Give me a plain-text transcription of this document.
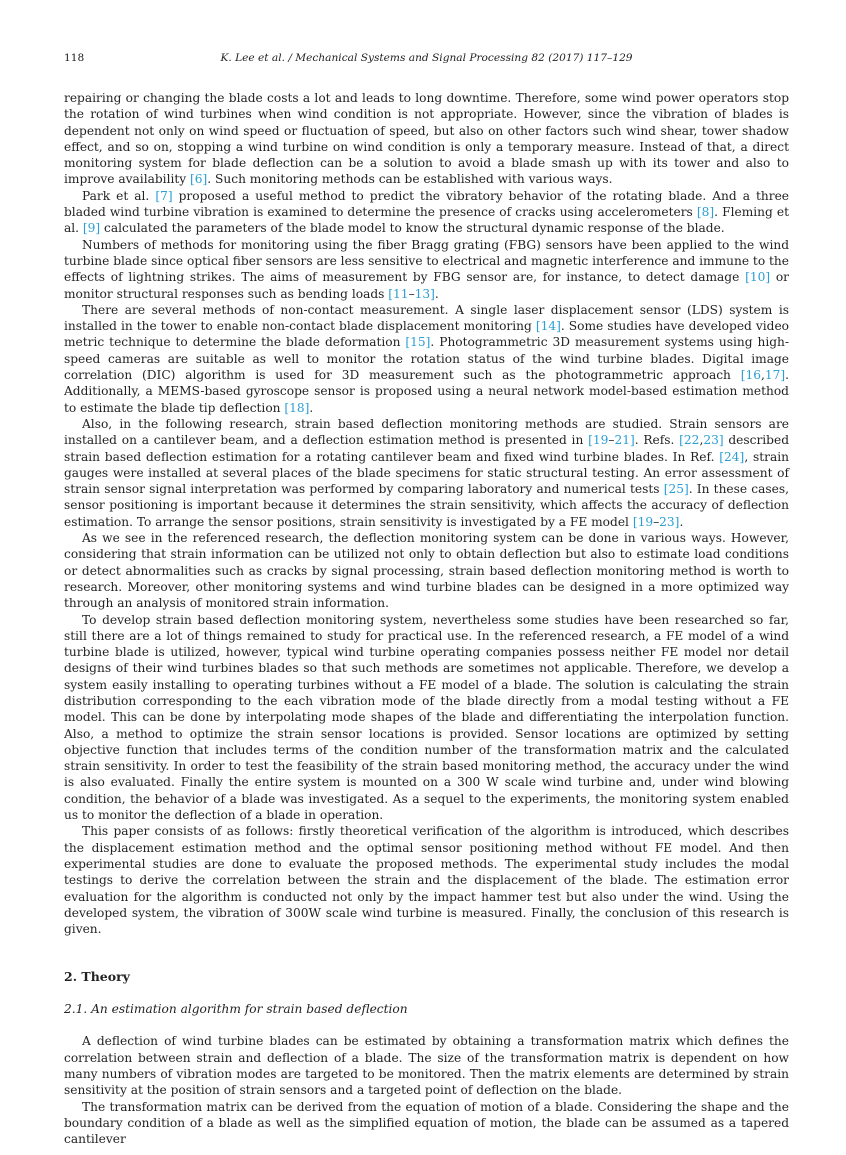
118	K. Lee et al. / Mechanical Systems and Signal Processing 82 (2017) 117–129

repairing or changing the blade costs a lot and leads to long downtime. Therefore, some wind power operators stop the rotation of wind turbines when wind condition is not appropriate. However, since the vibration of blades is dependent not only on wind speed or fluctuation of speed, but also on other factors such wind shear, tower shadow effect, and so on, stopping a wind turbine on wind condition is only a temporary measure. Instead of that, a direct monitoring system for blade deflection can be a solution to avoid a blade smash up with its tower and also to improve availability [6]. Such monitoring methods can be established with various ways.

Park et al. [7] proposed a useful method to predict the vibratory behavior of the rotating blade. And a three bladed wind turbine vibration is examined to determine the presence of cracks using accelerometers [8]. Fleming et al. [9] calculated the parameters of the blade model to know the structural dynamic response of the blade.

Numbers of methods for monitoring using the fiber Bragg grating (FBG) sensors have been applied to the wind turbine blade since optical fiber sensors are less sensitive to electrical and magnetic interference and immune to the effects of lightning strikes. The aims of measurement by FBG sensor are, for instance, to detect damage [10] or monitor structural responses such as bending loads [11–13].

There are several methods of non-contact measurement. A single laser displacement sensor (LDS) system is installed in the tower to enable non-contact blade displacement monitoring [14]. Some studies have developed video metric technique to determine the blade deformation [15]. Photogrammetric 3D measurement systems using high-speed cameras are suitable as well to monitor the rotation status of the wind turbine blades. Digital image correlation (DIC) algorithm is used for 3D measurement such as the photogrammetric approach [16,17]. Additionally, a MEMS-based gyroscope sensor is proposed using a neural network model-based estimation method to estimate the blade tip deflection [18].

Also, in the following research, strain based deflection monitoring methods are studied. Strain sensors are installed on a cantilever beam, and a deflection estimation method is presented in [19–21]. Refs. [22,23] described strain based deflection estimation for a rotating cantilever beam and fixed wind turbine blades. In Ref. [24], strain gauges were installed at several places of the blade specimens for static structural testing. An error assessment of strain sensor signal interpretation was performed by comparing laboratory and numerical tests [25]. In these cases, sensor positioning is important because it determines the strain sensitivity, which affects the accuracy of deflection estimation. To arrange the sensor positions, strain sensitivity is investigated by a FE model [19–23].

As we see in the referenced research, the deflection monitoring system can be done in various ways. However, considering that strain information can be utilized not only to obtain deflection but also to estimate load conditions or detect abnormalities such as cracks by signal processing, strain based deflection monitoring method is worth to research. Moreover, other monitoring systems and wind turbine blades can be designed in a more optimized way through an analysis of monitored strain information.

To develop strain based deflection monitoring system, nevertheless some studies have been researched so far, still there are a lot of things remained to study for practical use. In the referenced research, a FE model of a wind turbine blade is utilized, however, typical wind turbine operating companies possess neither FE model nor detail designs of their wind turbines blades so that such methods are sometimes not applicable. Therefore, we develop a system easily installing to operating turbines without a FE model of a blade. The solution is calculating the strain distribution corresponding to the each vibration mode of the blade directly from a modal testing without a FE model. This can be done by interpolating mode shapes of the blade and differentiating the interpolation function. Also, a method to optimize the strain sensor locations is provided. Sensor locations are optimized by setting objective function that includes terms of the condition number of the transformation matrix and the calculated strain sensitivity. In order to test the feasibility of the strain based monitoring method, the accuracy under the wind is also evaluated. Finally the entire system is mounted on a 300 W scale wind turbine and, under wind blowing condition, the behavior of a blade was investigated. As a sequel to the experiments, the monitoring system enabled us to monitor the deflection of a blade in operation.

This paper consists of as follows: firstly theoretical verification of the algorithm is introduced, which describes the displacement estimation method and the optimal sensor positioning method without FE model. And then experimental studies are done to evaluate the proposed methods. The experimental study includes the modal testings to derive the correlation between the strain and the displacement of the blade. The estimation error evaluation for the algorithm is conducted not only by the impact hammer test but also under the wind. Using the developed system, the vibration of 300W scale wind turbine is measured. Finally, the conclusion of this research is given.

2. Theory
2.1. An estimation algorithm for strain based deflection

A deflection of wind turbine blades can be estimated by obtaining a transformation matrix which defines the correlation between strain and deflection of a blade. The size of the transformation matrix is dependent on how many numbers of vibration modes are targeted to be monitored. Then the matrix elements are determined by strain sensitivity at the position of strain sensors and a targeted point of deflection on the blade.

The transformation matrix can be derived from the equation of motion of a blade. Considering the shape and the boundary condition of a blade as well as the simplified equation of motion, the blade can be assumed as a tapered cantilever
